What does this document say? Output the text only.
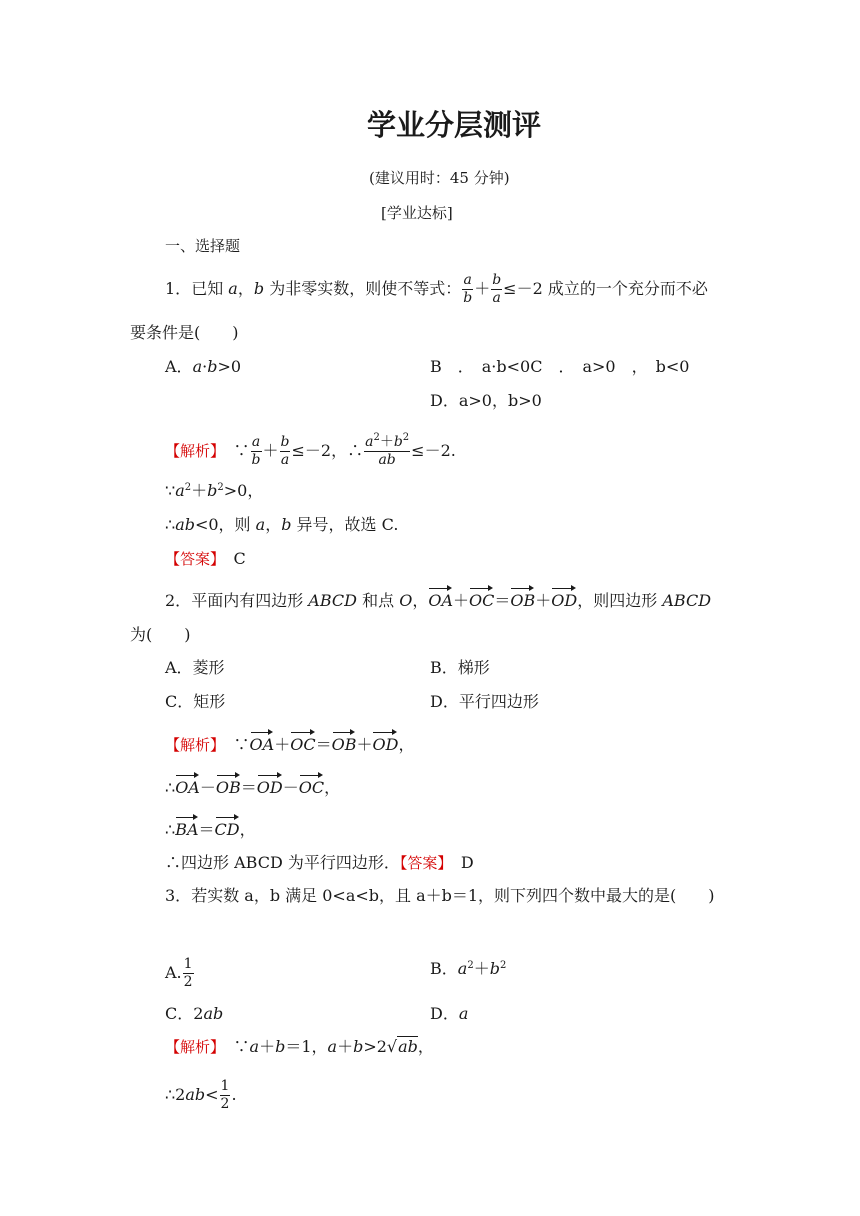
学业分层测评
(建议用时：45 分钟)
[学业达标]
一、选择题
1．已知 a，b 为非零实数，则使不等式： $\frac{a}{b} + \frac{b}{a} \le-2$ 成立的一个充分而不必
要条件是(　　)
A．a·b>0	B　．　a·b<0C　．　a>0　，　b<0
D．a>0，b>0
【解析】　∵ $\frac{a}{b} + \frac{b}{a} \le-2$，∴ $\frac{a^2+b^2}{ab} \le-2$.
$\because a^2+b^2>0$，
∴ab<0，则 a，b 异号，故选 C.
【答案】　 C
2．平面内有四边形 ABCD 和点 O，OA＋OC＝OB＋OD，则四边形 ABCD
为(　　)
A．菱形	B．梯形
C．矩形	D．平行四边形
【解析】　∵OA＋OC＝OB＋OD，
∴OA－OB＝OD－OC，
∴BA＝CD，
∴四边形 ABCD 为平行四边形．【答案】　 D
3．若实数 a，b 满足 0<a<b，且 a＋b＝1，则下列四个数中最大的是(　　)
A. $\frac{1}{2}$	B．$a^2+b^2$
C．2ab	D．a
【解析】　∵a＋b＝1，a＋b>2√ab，
∴2ab< $\frac{1}{2}$ .
